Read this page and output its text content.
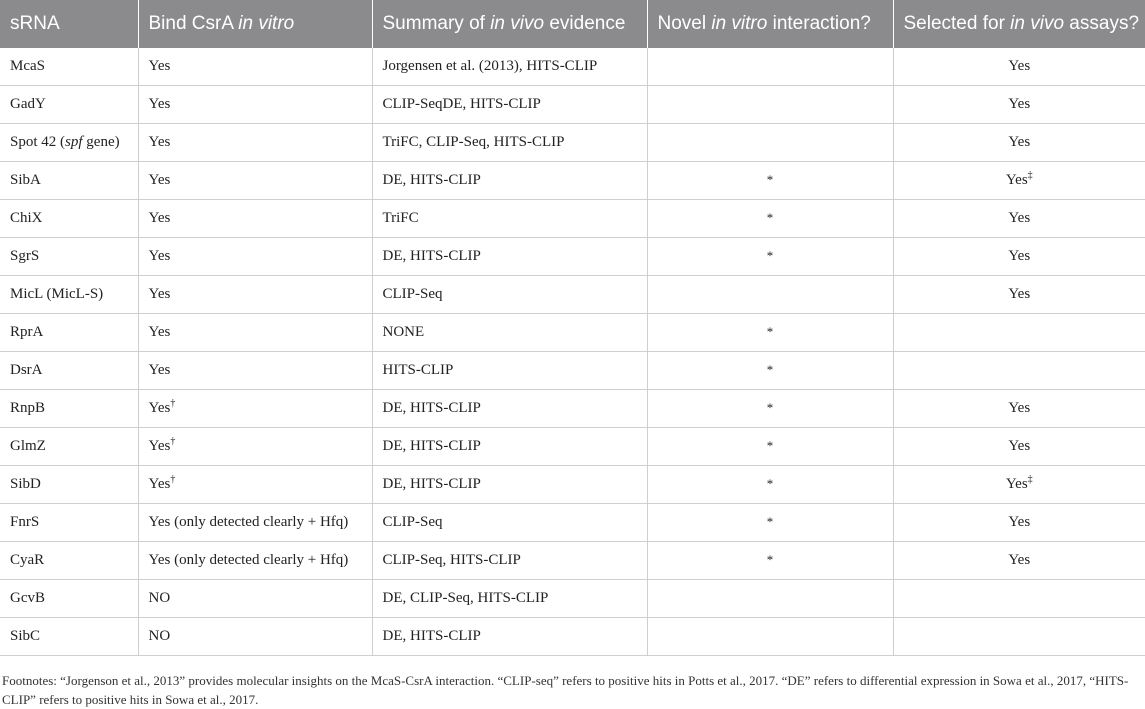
sRNA	Bind CsrA in vitro	Summary of in vivo evidence	Novel in vitro interaction?	Selected for in vivo assays?
McaS	Yes	Jorgensen et al. (2013), HITS-CLIP		Yes
GadY	Yes	CLIP-SeqDE, HITS-CLIP		Yes
Spot 42 (spf gene)	Yes	TriFC, CLIP-Seq, HITS-CLIP		Yes
SibA	Yes	DE, HITS-CLIP	*	Yes‡
ChiX	Yes	TriFC	*	Yes
SgrS	Yes	DE, HITS-CLIP	*	Yes
MicL (MicL-S)	Yes	CLIP-Seq		Yes
RprA	Yes	NONE	*	
DsrA	Yes	HITS-CLIP	*	
RnpB	Yes†	DE, HITS-CLIP	*	Yes
GlmZ	Yes†	DE, HITS-CLIP	*	Yes
SibD	Yes†	DE, HITS-CLIP	*	Yes‡
FnrS	Yes (only detected clearly + Hfq)	CLIP-Seq	*	Yes
CyaR	Yes (only detected clearly + Hfq)	CLIP-Seq, HITS-CLIP	*	Yes
GcvB	NO	DE, CLIP-Seq, HITS-CLIP		
SibC	NO	DE, HITS-CLIP		

Footnotes: “Jorgenson et al., 2013” provides molecular insights on the McaS-CsrA interaction. “CLIP-seq” refers to positive hits in Potts et al., 2017. “DE” refers to differential expression in Sowa et al., 2017, “HITS-CLIP” refers to positive hits in Sowa et al., 2017.
